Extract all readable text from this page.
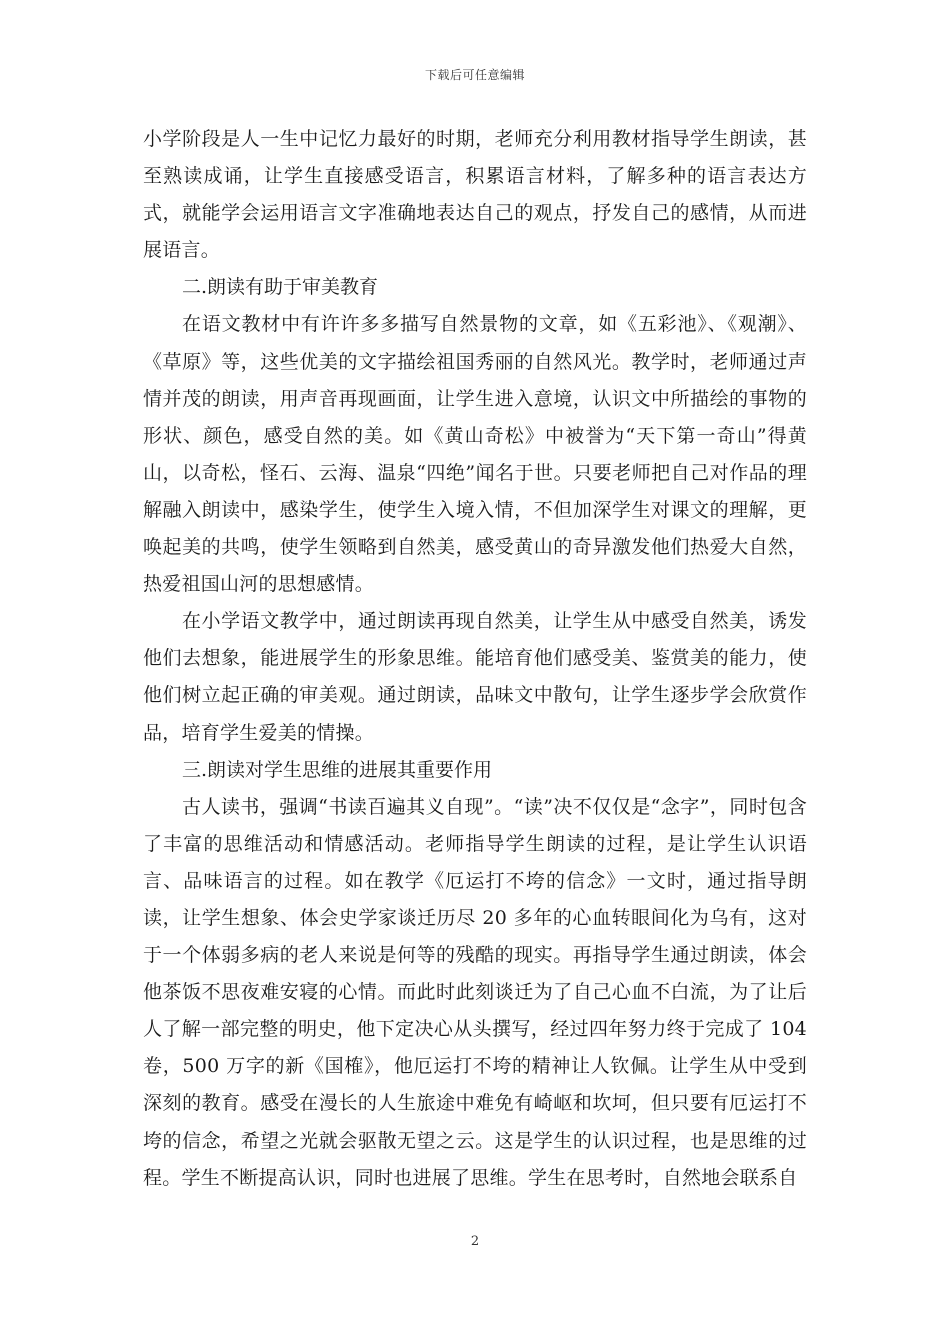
下载后可任意编辑

小学阶段是人一生中记忆力最好的时期，老师充分利用教材指导学生朗读，甚至熟读成诵，让学生直接感受语言，积累语言材料，了解多种的语言表达方式，就能学会运用语言文字准确地表达自己的观点，抒发自己的感情，从而进展语言。

二.朗读有助于审美教育

在语文教材中有许许多多描写自然景物的文章，如《五彩池》、《观潮》、《草原》等，这些优美的文字描绘祖国秀丽的自然风光。教学时，老师通过声情并茂的朗读，用声音再现画面，让学生进入意境，认识文中所描绘的事物的形状、颜色，感受自然的美。如《黄山奇松》中被誉为“天下第一奇山”得黄山，以奇松，怪石、云海、温泉“四绝”闻名于世。只要老师把自己对作品的理解融入朗读中，感染学生，使学生入境入情，不但加深学生对课文的理解，更唤起美的共鸣，使学生领略到自然美，感受黄山的奇异激发他们热爱大自然，热爱祖国山河的思想感情。

在小学语文教学中，通过朗读再现自然美，让学生从中感受自然美，诱发他们去想象，能进展学生的形象思维。能培育他们感受美、鉴赏美的能力，使他们树立起正确的审美观。通过朗读，品味文中散句，让学生逐步学会欣赏作品，培育学生爱美的情操。

三.朗读对学生思维的进展其重要作用

古人读书，强调“书读百遍其义自现”。“读”决不仅仅是“念字”，同时包含了丰富的思维活动和情感活动。老师指导学生朗读的过程，是让学生认识语言、品味语言的过程。如在教学《厄运打不垮的信念》一文时，通过指导朗读，让学生想象、体会史学家谈迁历尽 20 多年的心血转眼间化为乌有，这对于一个体弱多病的老人来说是何等的残酷的现实。再指导学生通过朗读，体会他茶饭不思夜难安寝的心情。而此时此刻谈迁为了自己心血不白流，为了让后人了解一部完整的明史，他下定决心从头撰写，经过四年努力终于完成了 104卷，500 万字的新《国榷》，他厄运打不垮的精神让人钦佩。让学生从中受到深刻的教育。感受在漫长的人生旅途中难免有崎岖和坎坷，但只要有厄运打不垮的信念，希望之光就会驱散无望之云。这是学生的认识过程，也是思维的过程。学生不断提高认识，同时也进展了思维。学生在思考时，自然地会联系自

2
